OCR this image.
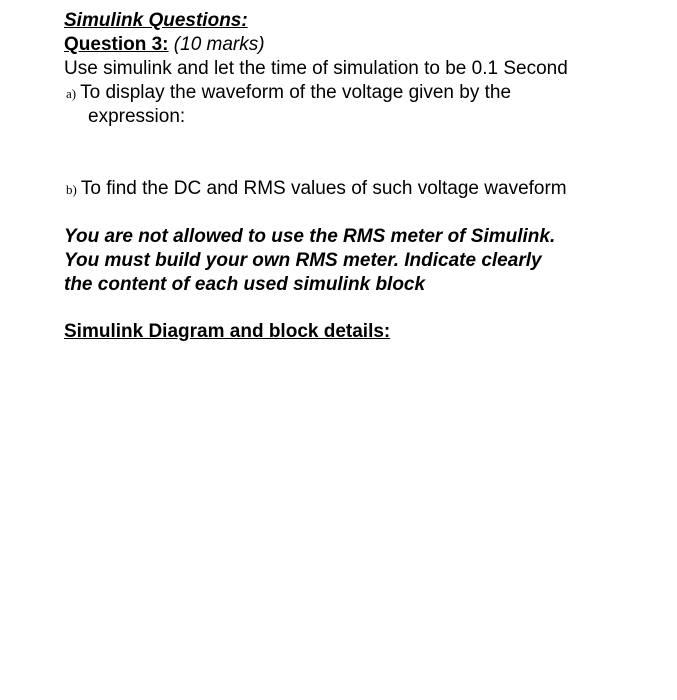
Simulink Questions:
Question 3: (10 marks)
Use simulink and let the time of simulation to be 0.1 Second
a) To display the waveform of the voltage given by the
expression:
b) To find the DC and RMS values of such voltage waveform
You are not allowed to use the RMS meter of Simulink.
You must build your own RMS meter. Indicate clearly
the content of each used simulink block
Simulink Diagram and block details:
